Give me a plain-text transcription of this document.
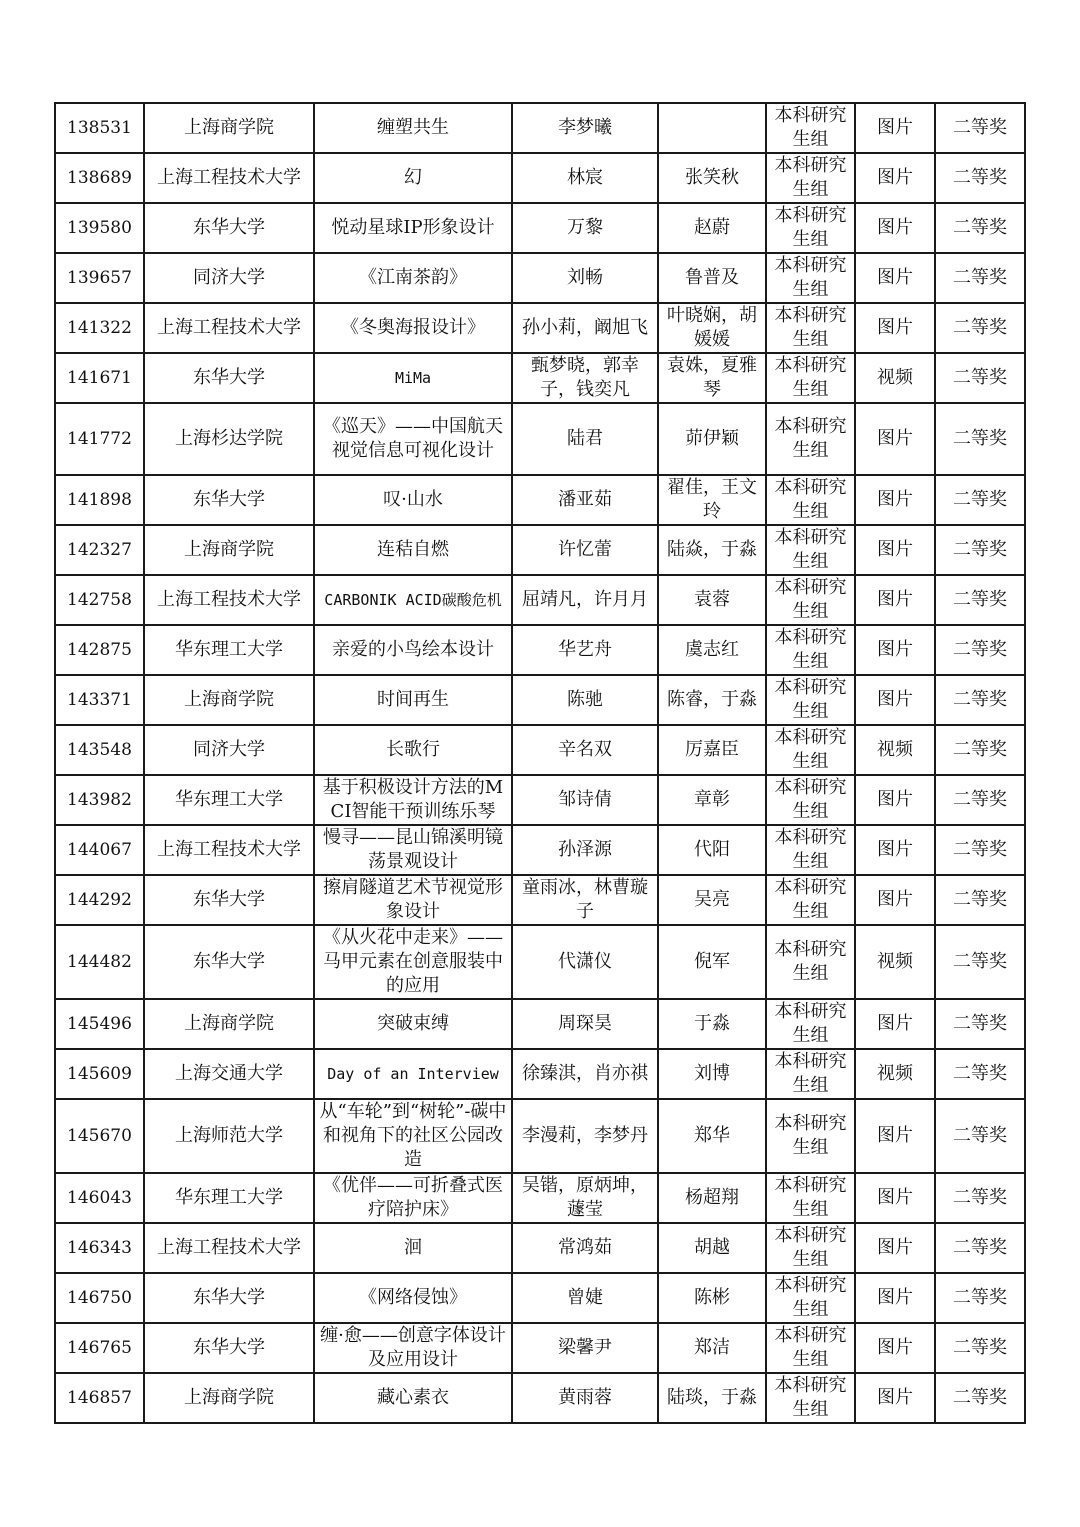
138531	上海商学院	缠塑共生	李梦曦		本科研究生组	图片	二等奖
138689	上海工程技术大学	幻	林宸	张笑秋	本科研究生组	图片	二等奖
139580	东华大学	悦动星球IP形象设计	万黎	赵蔚	本科研究生组	图片	二等奖
139657	同济大学	《江南茶韵》	刘畅	鲁普及	本科研究生组	图片	二等奖
141322	上海工程技术大学	《冬奥海报设计》	孙小莉，阚旭飞	叶晓娴，胡媛媛	本科研究生组	图片	二等奖
141671	东华大学	MiMa	甄梦晓，郭幸子，钱奕凡	袁姝，夏雅琴	本科研究生组	视频	二等奖
141772	上海杉达学院	《巡天》——中国航天视觉信息可视化设计	陆君	茆伊颖	本科研究生组	图片	二等奖
141898	东华大学	叹·山水	潘亚茹	翟佳，王文玲	本科研究生组	图片	二等奖
142327	上海商学院	连秸自燃	许忆蕾	陆焱，于淼	本科研究生组	图片	二等奖
142758	上海工程技术大学	CARBONIK ACID碳酸危机	屈靖凡，许月月	袁蓉	本科研究生组	图片	二等奖
142875	华东理工大学	亲爱的小鸟绘本设计	华艺舟	虞志红	本科研究生组	图片	二等奖
143371	上海商学院	时间再生	陈驰	陈睿，于淼	本科研究生组	图片	二等奖
143548	同济大学	长歌行	辛名双	厉嘉臣	本科研究生组	视频	二等奖
143982	华东理工大学	基于积极设计方法的MCI智能干预训练乐琴	邹诗倩	章彰	本科研究生组	图片	二等奖
144067	上海工程技术大学	慢寻——昆山锦溪明镜荡景观设计	孙泽源	代阳	本科研究生组	图片	二等奖
144292	东华大学	擦肩隧道艺术节视觉形象设计	童雨冰，林曹璇子	吴亮	本科研究生组	图片	二等奖
144482	东华大学	《从火花中走来》——马甲元素在创意服装中的应用	代潇仪	倪军	本科研究生组	视频	二等奖
145496	上海商学院	突破束缚	周琛昊	于淼	本科研究生组	图片	二等奖
145609	上海交通大学	Day of an Interview	徐臻淇，肖亦祺	刘博	本科研究生组	视频	二等奖
145670	上海师范大学	从“车轮”到“树轮”-碳中和视角下的社区公园改造	李漫莉，李梦丹	郑华	本科研究生组	图片	二等奖
146043	华东理工大学	《优伴——可折叠式医疗陪护床》	吴锴，原炳坤，蘧莹	杨超翔	本科研究生组	图片	二等奖
146343	上海工程技术大学	洄	常鸿茹	胡越	本科研究生组	图片	二等奖
146750	东华大学	《网络侵蚀》	曾婕	陈彬	本科研究生组	图片	二等奖
146765	东华大学	缠·愈——创意字体设计及应用设计	梁馨尹	郑洁	本科研究生组	图片	二等奖
146857	上海商学院	藏心素衣	黄雨蓉	陆琰，于淼	本科研究生组	图片	二等奖
